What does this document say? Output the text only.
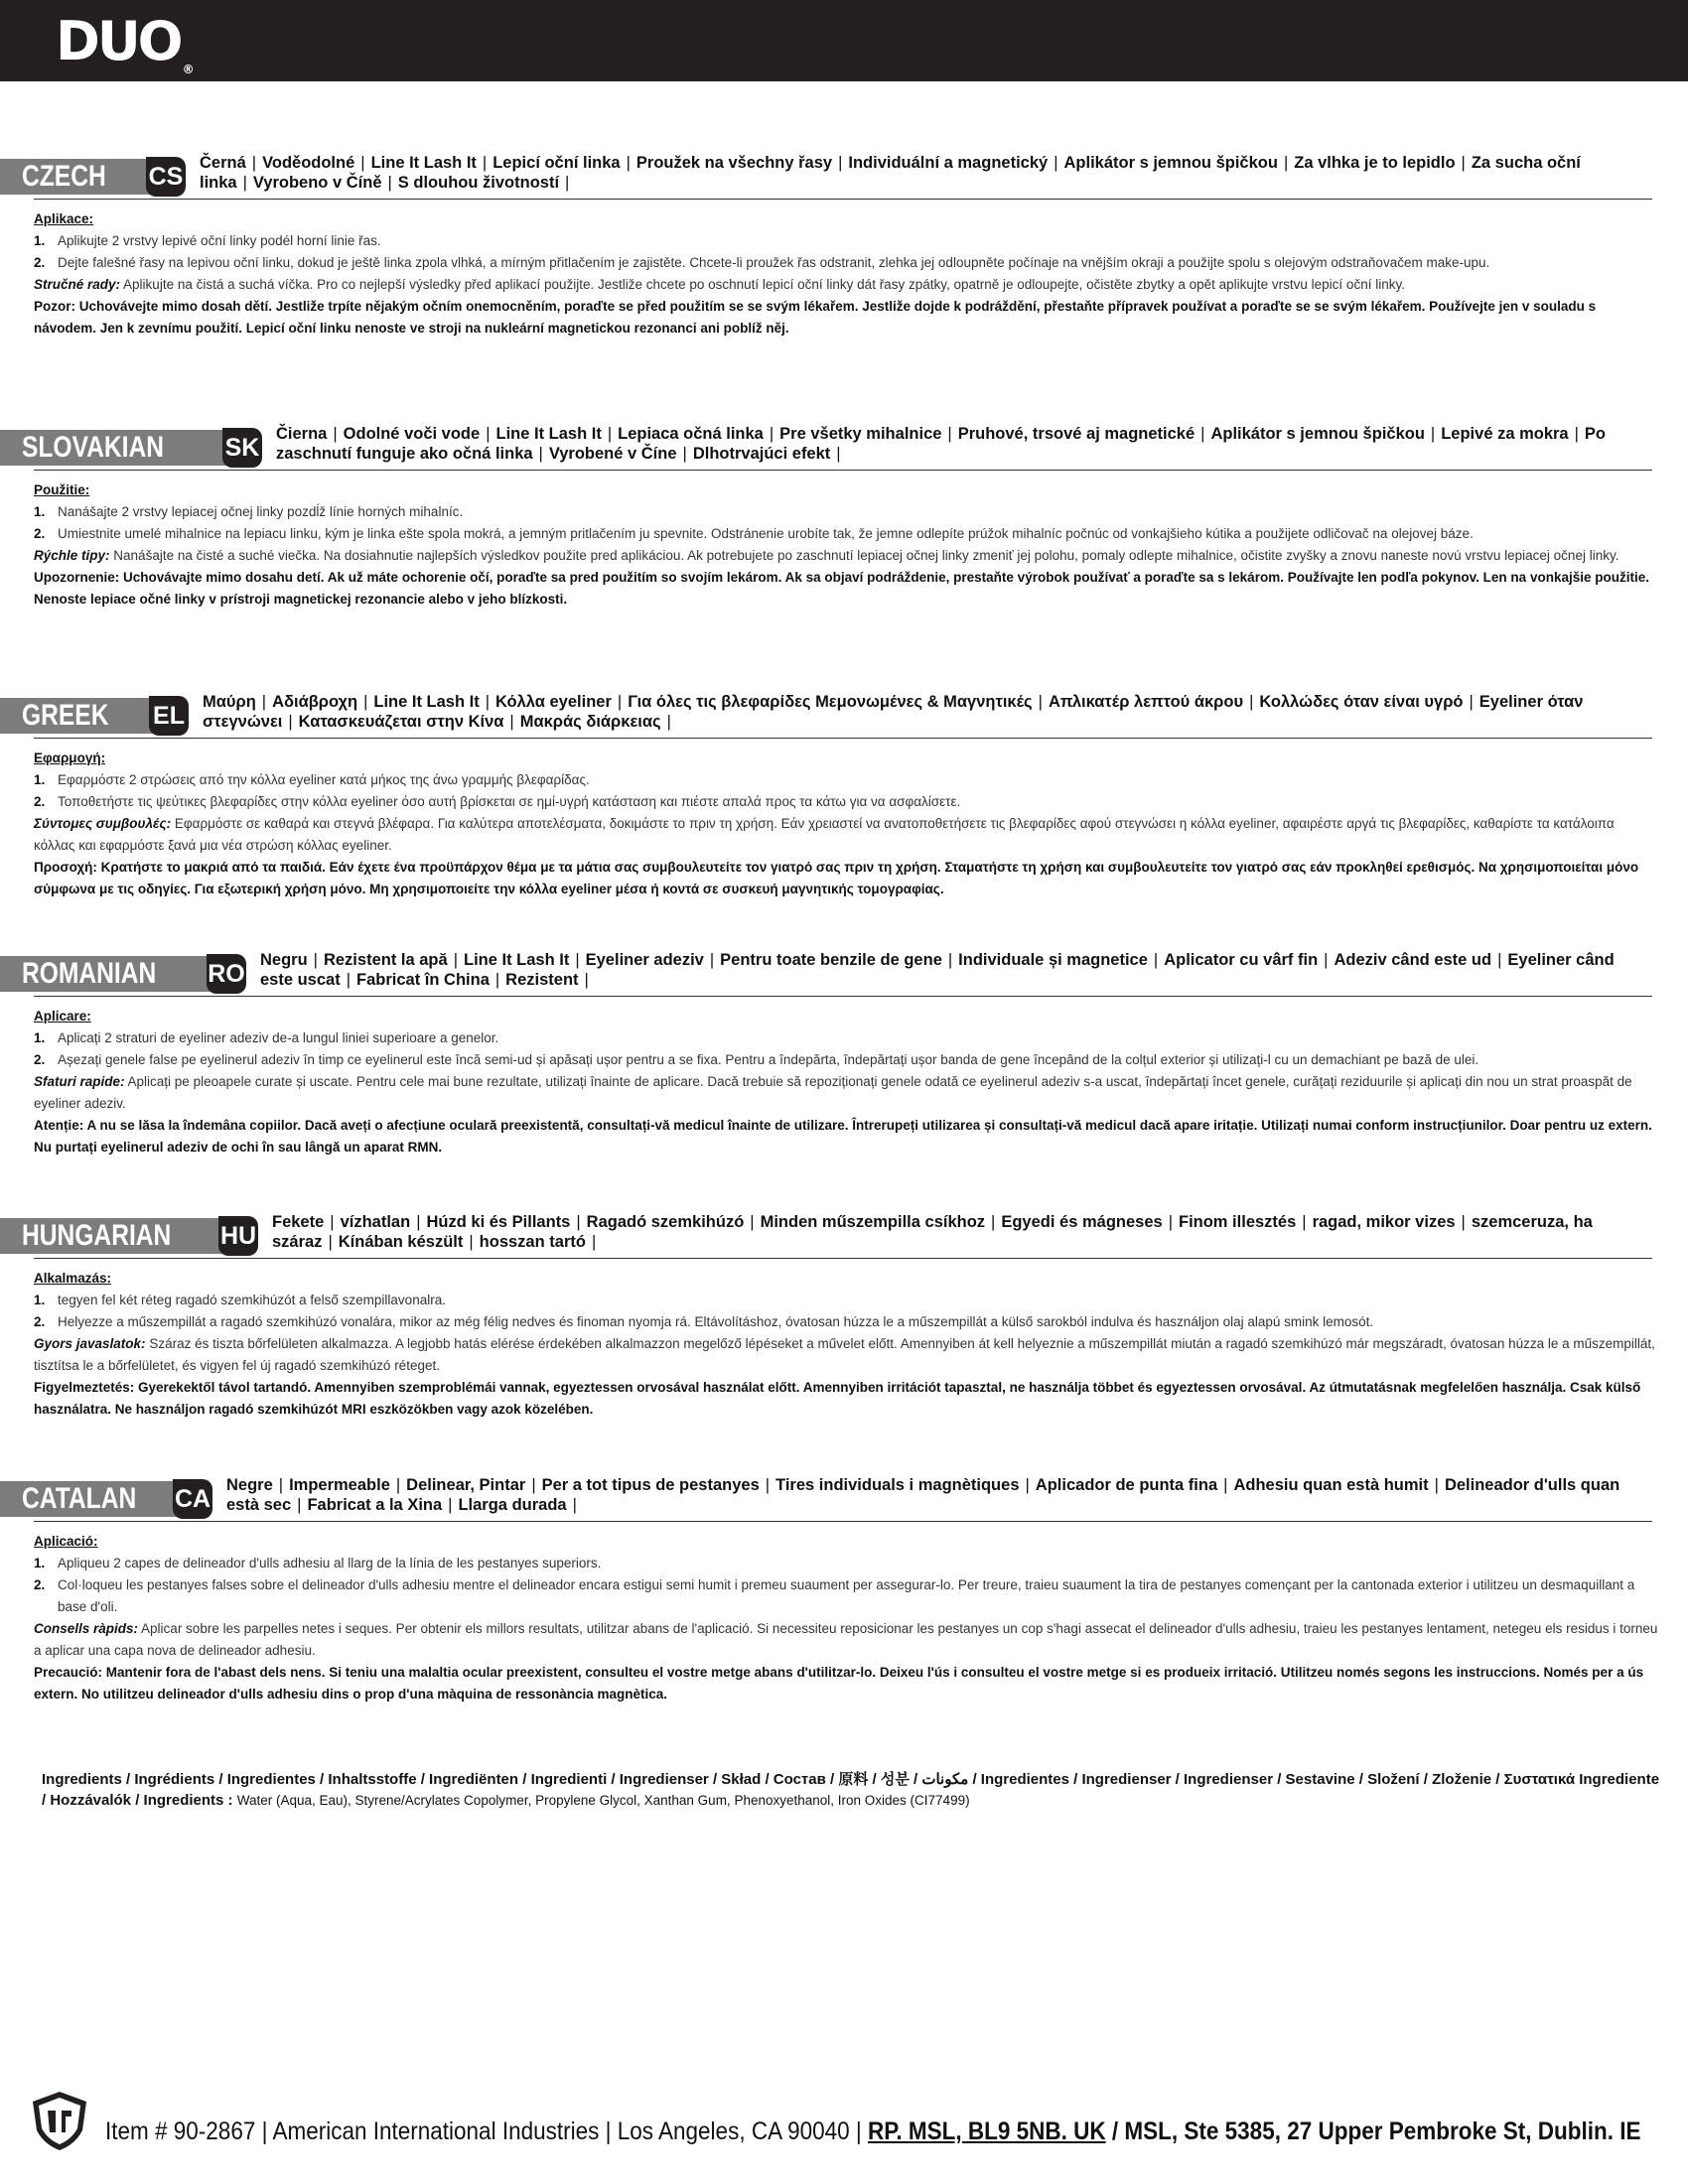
DUO ®
CZECH	CS Černá | Voděodolné | Line It Lash It | Lepicí oční linka | Proužek na všechny řasy | Individuální a magnetický | Aplikátor s jemnou špičkou | Za vlhka je to lepidlo | Za sucha oční linka | Vyrobeno v Číně | S dlouhou životností |
Aplikace:
1. Aplikujte 2 vrstvy lepivé oční linky podél horní linie řas.
2. Dejte falešné řasy na lepivou oční linku, dokud je ještě linka zpola vlhká, a mírným přitlačením je zajistěte. Chcete-li proužek řas odstranit, zlehka jej odloupněte počínaje na vnějším okraji a použijte spolu s olejovým odstraňovačem make-upu.
Stručné rady: Aplikujte na čistá a suchá víčka. Pro co nejlepší výsledky před aplikací použijte. Jestliže chcete po oschnutí lepicí oční linky dát řasy zpátky, opatrně je odloupejte, očistěte zbytky a opět aplikujte vrstvu lepicí oční linky.
Pozor: Uchovávejte mimo dosah dětí. Jestliže trpíte nějakým očním onemocněním, poraďte se před použitím se se svým lékařem. Jestliže dojde k podráždění, přestaňte přípravek používat a poraďte se se svým lékařem. Používejte jen v souladu s návodem. Jen k zevnímu použití. Lepicí oční linku nenoste ve stroji na nukleární magnetickou rezonanci ani poblíž něj.
SLOVAKIAN	SK Čierna | Odolné voči vode | Line It Lash It | Lepiaca očná linka | Pre všetky mihalnice | Pruhové, trsové aj magnetické | Aplikátor s jemnou špičkou | Lepivé za mokra | Po zaschnutí funguje ako očná linka | Vyrobené v Číne | Dlhotrvajúci efekt |
Použitie:
1. Nanášajte 2 vrstvy lepiacej očnej linky pozdĺž línie horných mihalníc.
2. Umiestnite umelé mihalnice na lepiacu linku, kým je linka ešte spola mokrá, a jemným pritlačením ju spevnite. Odstránenie urobíte tak, že jemne odlepíte prúžok mihalníc počnúc od vonkajšieho kútika a použijete odličovač na olejovej báze.
Rýchle tipy: Nanášajte na čisté a suché viečka. Na dosiahnutie najlepších výsledkov použite pred aplikáciou. Ak potrebujete po zaschnutí lepiacej očnej linky zmeniť jej polohu, pomaly odlepte mihalnice, očistite zvyšky a znovu naneste novú vrstvu lepiacej očnej linky.
Upozornenie: Uchovávajte mimo dosahu detí. Ak už máte ochorenie očí, poraďte sa pred použitím so svojím lekárom. Ak sa objaví podráždenie, prestaňte výrobok používať a poraďte sa s lekárom. Používajte len podľa pokynov. Len na vonkajšie použitie. Nenoste lepiace očné linky v prístroji magnetickej rezonancie alebo v jeho blízkosti.
GREEK	EL Μαύρη | Αδιάβροχη | Line It Lash It | Κόλλα eyeliner | Για όλες τις βλεφαρίδες Μεμονωμένες & Μαγνητικές | Απλικατέρ λεπτού άκρου | Κολλώδες όταν είναι υγρό | Eyeliner όταν στεγνώνει | Κατασκευάζεται στην Κίνα | Μακράς διάρκειας |
Εφαρμογή:
1. Εφαρμόστε 2 στρώσεις από την κόλλα eyeliner κατά μήκος της άνω γραμμής βλεφαρίδας.
2. Τοποθετήστε τις ψεύτικες βλεφαρίδες στην κόλλα eyeliner όσο αυτή βρίσκεται σε ημί-υγρή κατάσταση και πιέστε απαλά προς τα κάτω για να ασφαλίσετε.
Σύντομες συμβουλές: Εφαρμόστε σε καθαρά και στεγνά βλέφαρα. Για καλύτερα αποτελέσματα, δοκιμάστε το πριν τη χρήση. Εάν χρειαστεί να ανατοποθετήσετε τις βλεφαρίδες αφού στεγνώσει η κόλλα eyeliner, αφαιρέστε αργά τις βλεφαρίδες, καθαρίστε τα κατάλοιπα κόλλας και εφαρμόστε ξανά μια νέα στρώση κόλλας eyeliner.
Προσοχή: Κρατήστε το μακριά από τα παιδιά. Εάν έχετε ένα προϋπάρχον θέμα με τα μάτια σας συμβουλευτείτε τον γιατρό σας πριν τη χρήση. Σταματήστε τη χρήση και συμβουλευτείτε τον γιατρό σας εάν προκληθεί ερεθισμός. Να χρησιμοποιείται μόνο σύμφωνα με τις οδηγίες. Για εξωτερική χρήση μόνο. Μη χρησιμοποιείτε την κόλλα eyeliner μέσα ή κοντά σε συσκευή μαγνητικής τομογραφίας.
ROMANIAN	RO Negru | Rezistent la apă | Line It Lash It | Eyeliner adeziv | Pentru toate benzile de gene | Individuale și magnetice | Aplicator cu vârf fin | Adeziv când este ud | Eyeliner când este uscat | Fabricat în China | Rezistent |
Aplicare:
1. Aplicați 2 straturi de eyeliner adeziv de-a lungul liniei superioare a genelor.
2. Așezați genele false pe eyelinerul adeziv în timp ce eyelinerul este încă semi-ud și apăsați ușor pentru a se fixa. Pentru a îndepărta, îndepărtați ușor banda de gene începând de la colțul exterior și utilizați-l cu un demachiant pe bază de ulei.
Sfaturi rapide: Aplicați pe pleoapele curate și uscate. Pentru cele mai bune rezultate, utilizați înainte de aplicare. Dacă trebuie să repoziționați genele odată ce eyelinerul adeziv s-a uscat, îndepărtați încet genele, curățați reziduurile și aplicați din nou un strat proaspăt de eyeliner adeziv.
Atenție: A nu se lăsa la îndemâna copiilor. Dacă aveți o afecțiune oculară preexistentă, consultați-vă medicul înainte de utilizare. Întrerupeți utilizarea și consultați-vă medicul dacă apare iritație. Utilizați numai conform instrucțiunilor. Doar pentru uz extern. Nu purtați eyelinerul adeziv de ochi în sau lângă un aparat RMN.
HUNGARIAN	HU Fekete | vízhatlan | Húzd ki és Pillants | Ragadó szemkihúzó | Minden műszempilla csíkhoz | Egyedi és mágneses | Finom illesztés | ragad, mikor vizes | szemceruza, ha száraz | Kínában készült | hosszan tartó |
Alkalmazás:
1. tegyen fel két réteg ragadó szemkihúzót a felső szempillavonalra.
2. Helyezze a műszempillát a ragadó szemkihúzó vonalára, mikor az még félig nedves és finoman nyomja rá. Eltávolításhoz, óvatosan húzza le a műszempillát a külső sarokból indulva és használjon olaj alapú smink lemosót.
Gyors javaslatok: Száraz és tiszta bőrfelületen alkalmazza. A legjobb hatás elérése érdekében alkalmazzon megelőző lépéseket a művelet előtt. Amennyiben át kell helyeznie a műszempillát miután a ragadó szemkihúzó már megszáradt, óvatosan húzza le a műszempillát, tisztítsa le a bőrfelületet, és vigyen fel új ragadó szemkihúzó réteget.
Figyelmeztetés: Gyerekektől távol tartandó. Amennyiben szemproblémái vannak, egyeztessen orvosával használat előtt. Amennyiben irritációt tapasztal, ne használja többet és egyeztessen orvosával. Az útmutatásnak megfelelően használja. Csak külső használatra. Ne használjon ragadó szemkihúzót MRI eszközökben vagy azok közelében.
CATALAN	CA Negre | Impermeable | Delinear, Pintar | Per a tot tipus de pestanyes | Tires individuals i magnètiques | Aplicador de punta fina | Adhesiu quan està humit | Delineador d'ulls quan està sec | Fabricat a la Xina | Llarga durada |
Aplicació:
1. Apliqueu 2 capes de delineador d'ulls adhesiu al llarg de la línia de les pestanyes superiors.
2. Col·loqueu les pestanyes falses sobre el delineador d'ulls adhesiu mentre el delineador encara estigui semi humit i premeu suaument per assegurar-lo. Per treure, traieu suaument la tira de pestanyes començant per la cantonada exterior i utilitzeu un desmaquillant a base d'oli.
Consells ràpids: Aplicar sobre les parpelles netes i seques. Per obtenir els millors resultats, utilitzar abans de l'aplicació. Si necessiteu reposicionar les pestanyes un cop s'hagi assecat el delineador d'ulls adhesiu, traieu les pestanyes lentament, netegeu els residus i torneu a aplicar una capa nova de delineador adhesiu.
Precaució: Mantenir fora de l'abast dels nens. Si teniu una malaltia ocular preexistent, consulteu el vostre metge abans d'utilitzar-lo. Deixeu l'ús i consulteu el vostre metge si es produeix irritació. Utilitzeu només segons les instruccions. Només per a ús extern. No utilitzeu delineador d'ulls adhesiu dins o prop d'una màquina de ressonància magnètica.
Ingredients / Ingrédients / Ingredientes / Inhaltsstoffe / Ingrediënten / Ingredienti / Ingredienser / Skład / Состав / 原料 / 성분 / مكونات / Ingredientes / Ingredienser / Ingredienser / Sestavine / Složení / Zloženie / Συστατικά Ingrediente / Hozzávalók / Ingredients : Water (Aqua, Eau), Styrene/Acrylates Copolymer, Propylene Glycol, Xanthan Gum, Phenoxyethanol, Iron Oxides (CI77499)
Item # 90-2867 | American International Industries | Los Angeles, CA 90040 | RP. MSL, BL9 5NB. UK / MSL, Ste 5385, 27 Upper Pembroke St, Dublin. IE
